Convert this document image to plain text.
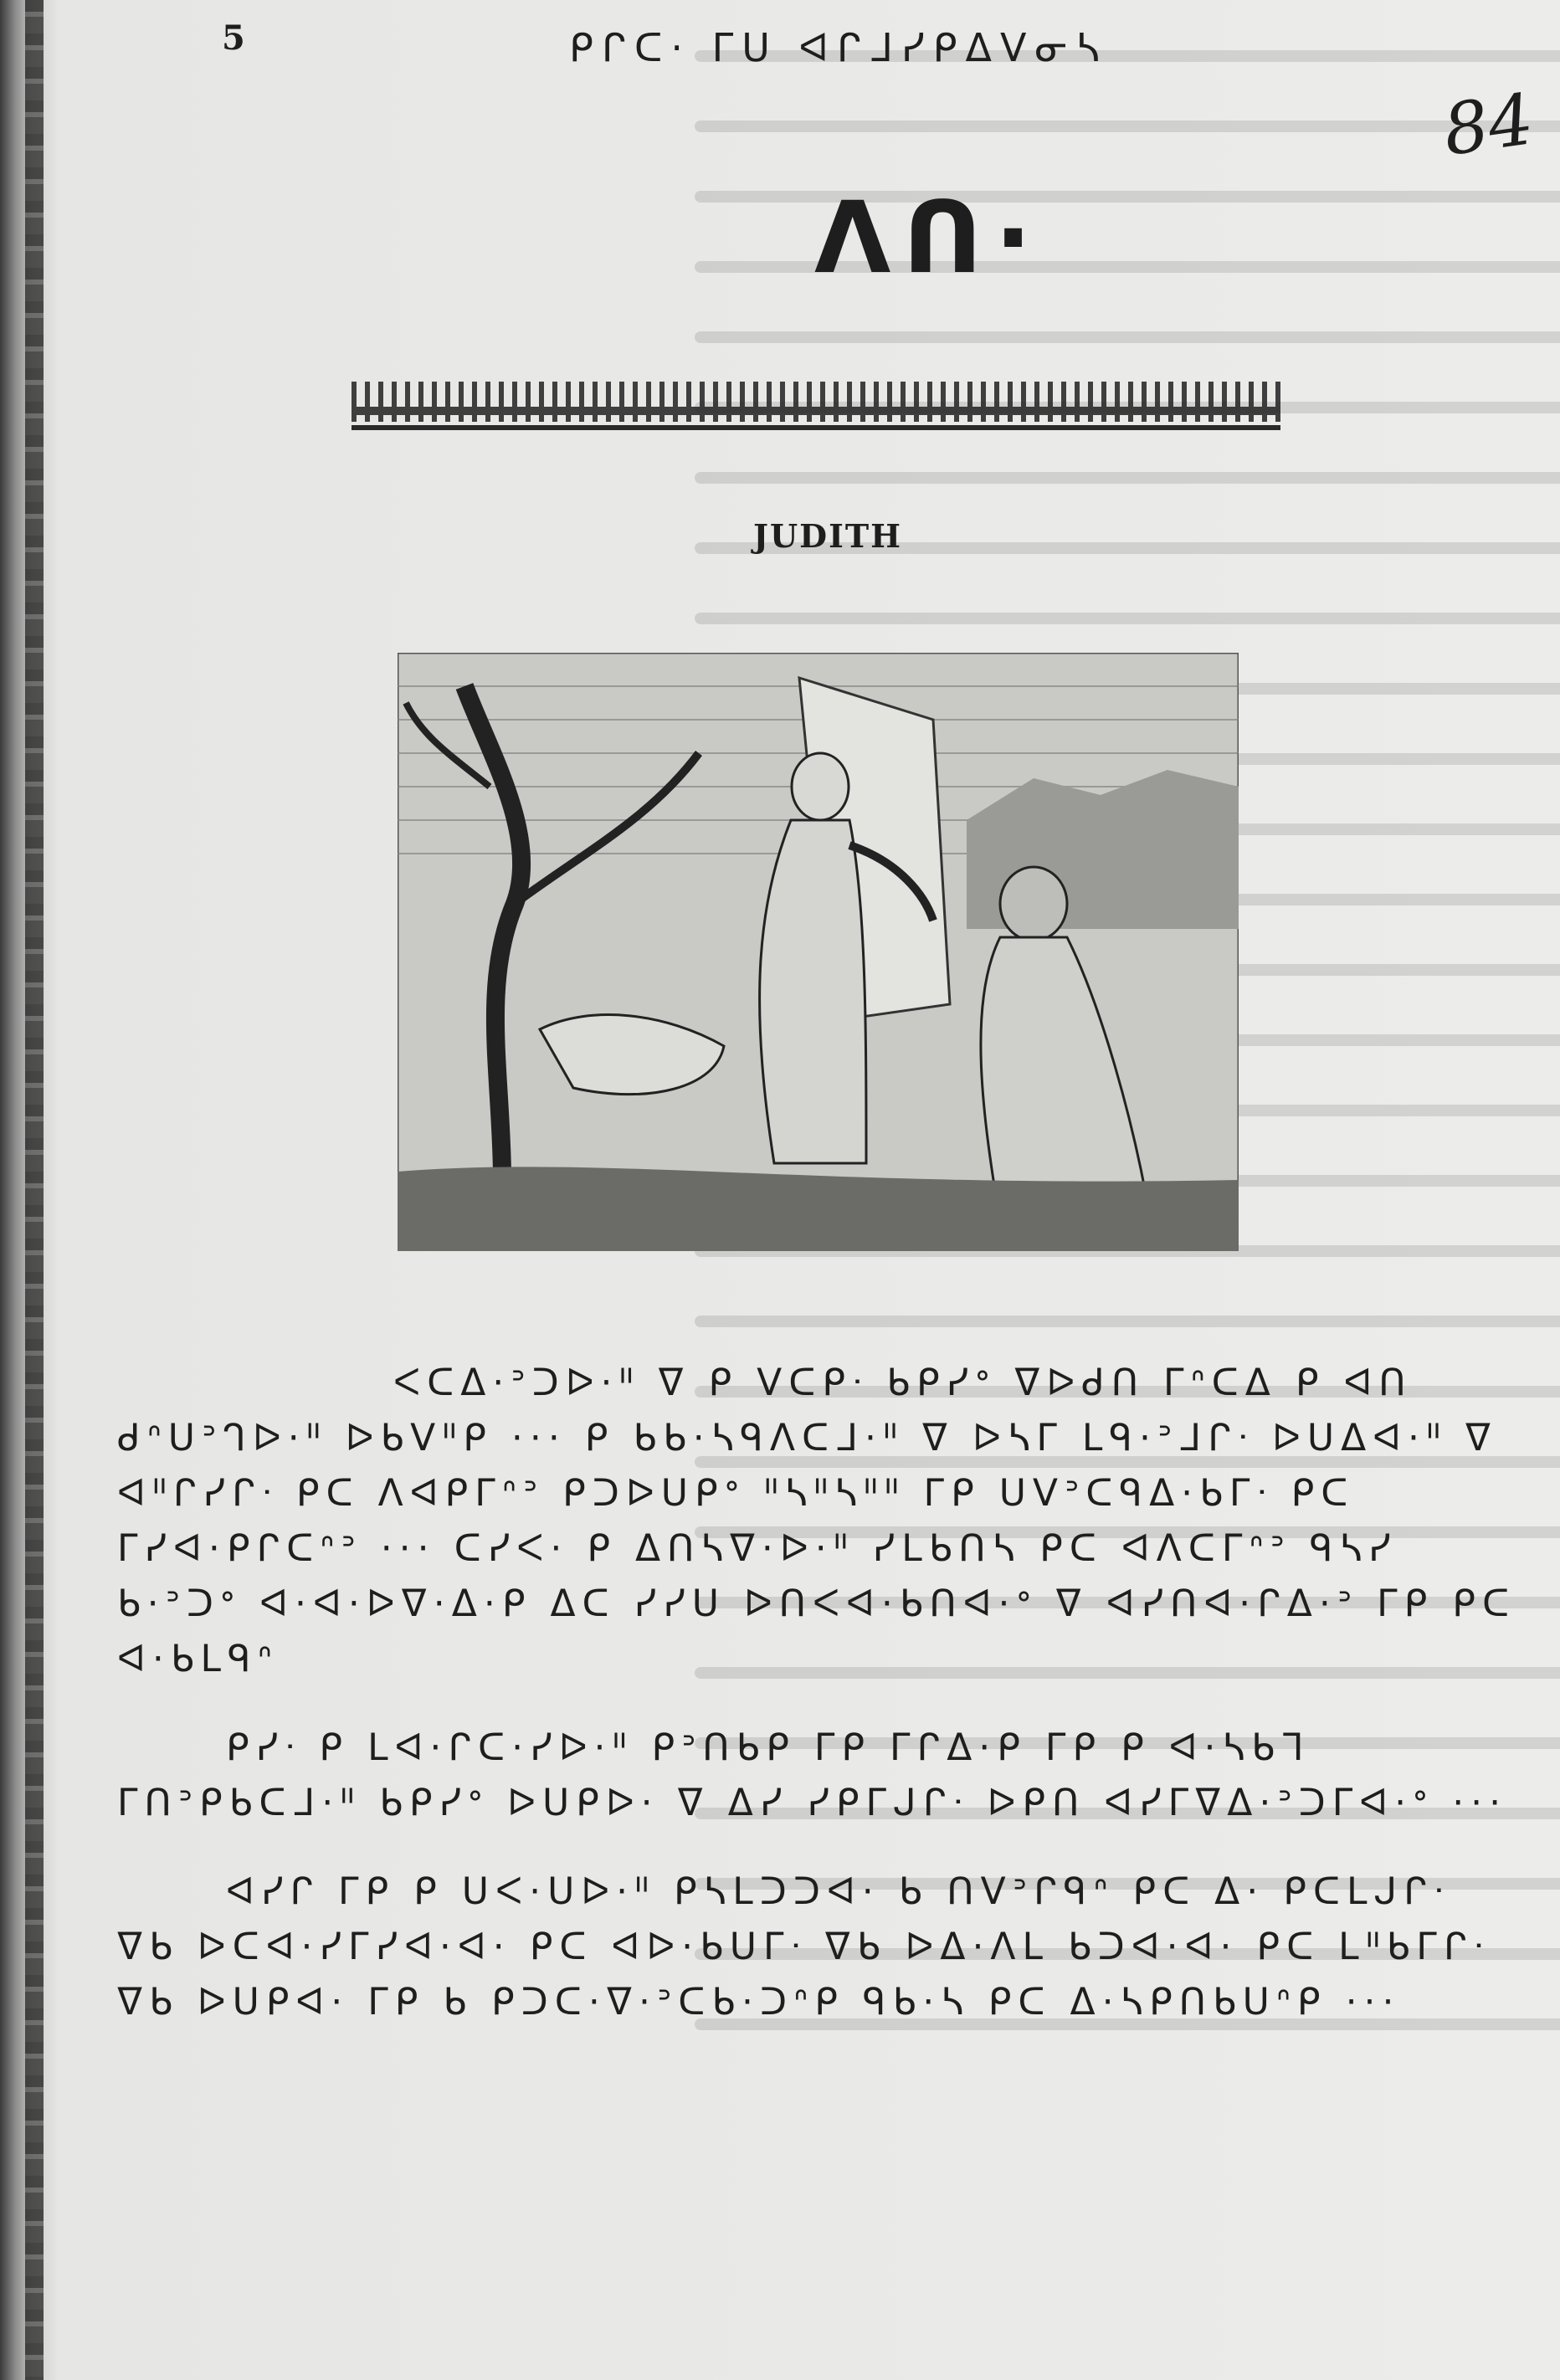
5	ᑭᒋᑕ· ᒥᑌ ᐊᒋᒧᓯᑭᐃᐯᓂᓴ
84
ᐱᑎ·
JUDITH

ᐸᑕᐃ·ᐣᑐᐅ·ᐦ ᐁ ᑭ ᐯᑕᑭᐧ ᑲᑭᓯᐤ ᐁᐅᑯᑎ ᒥᐢᑕᐃ ᑭ ᐊᑎ ᑯᐢᑌᐣᒉᐅ·ᐦ ᐅᑲᐯᐦᑭ ··· ᑭ ᑲᑲ·ᓴᑫᐱᑕᒧ·ᐦ ᐁ ᐅᓴᒥ ᒪᑫ·ᐣᒧᒋᐧ ᐅᑌᐃᐊ·ᐦ ᐁ ᐊᐦᒋᓯᒋᐧ ᑭᑕ ᐱᐊᑭᒥᐢᐣ ᑭᑐᐅᑌᑭᐤ ᐦᓴᐦᓴᐦᐦ ᒥᑭ ᑌᐯᐣᑕᑫᐃ·ᑲᒥᐧ ᑭᑕ ᒥᓯᐊ·ᑭᒋᑕᐢᐣ ··· ᑕᓯᐸ· ᑭ ᐃᑎᓴᐁ·ᐅ·ᐦ ᓯᒪᑲᑎᓴ ᑭᑕ ᐊᐱᑕᒥᐢᐣ ᑫᓴᓯ ᑲ·ᐣᑐᐤ ᐊ·ᐊ·ᐅᐁ·ᐃ·ᑭ ᐃᑕ ᓯᓯᑌ ᐅᑎᐸᐊ·ᑲᑎᐊ·ᐤ ᐁ ᐊᓯᑎᐊ·ᒋᐃ·ᐣ ᒥᑭ ᑭᑕ ᐊ·ᑲᒪᑫᐢ

ᑭᓯᐧ ᑭ ᒪᐊ·ᒋᑕ·ᓯᐅ·ᐦ ᑭᐣᑎᑲᑭ ᒥᑭ ᒥᒋᐃ·ᑭ ᒥᑭ ᑭ ᐊ·ᓴᑲᒣ ᒥᑎᐣᑭᑲᑕᒧ·ᐦ ᑲᑭᓯᐤ ᐅᑌᑭᐅ· ᐁ ᐃᓯ ᓯᑭᒥᒍᒋᐧ ᐅᑭᑎ ᐊᓯᒥᐁᐃ·ᐣᑐᒥᐊ·ᐤ ···

ᐊᓯᒋ ᒥᑭ ᑭ ᑌᐸ·ᑌᐅ·ᐦ ᑭᓴᒪᑐᑐᐊ· ᑲ ᑎᐯᐣᒋᑫᐢ ᑭᑕ ᐃ· ᑭᑕᒪᒍᒋᐧ ᐁᑲ ᐅᑕᐊ·ᓯᒥᓯᐊ·ᐊ· ᑭᑕ ᐊᐅ·ᑲᑌᒥᐧ ᐁᑲ ᐅᐃ·ᐱᒪ ᑲᑐᐊ·ᐊ· ᑭᑕ ᒪᐦᑲᒥᒋᐧ ᐁᑲ ᐅᑌᑭᐊ· ᒥᑭ ᑲ ᑭᑐᑕ·ᐁ·ᐣᑕᑲ·ᑐᐢᑭ ᑫᑲ·ᓴ ᑭᑕ ᐃ·ᓴᑭᑎᑲᑌᐢᑭ ···
